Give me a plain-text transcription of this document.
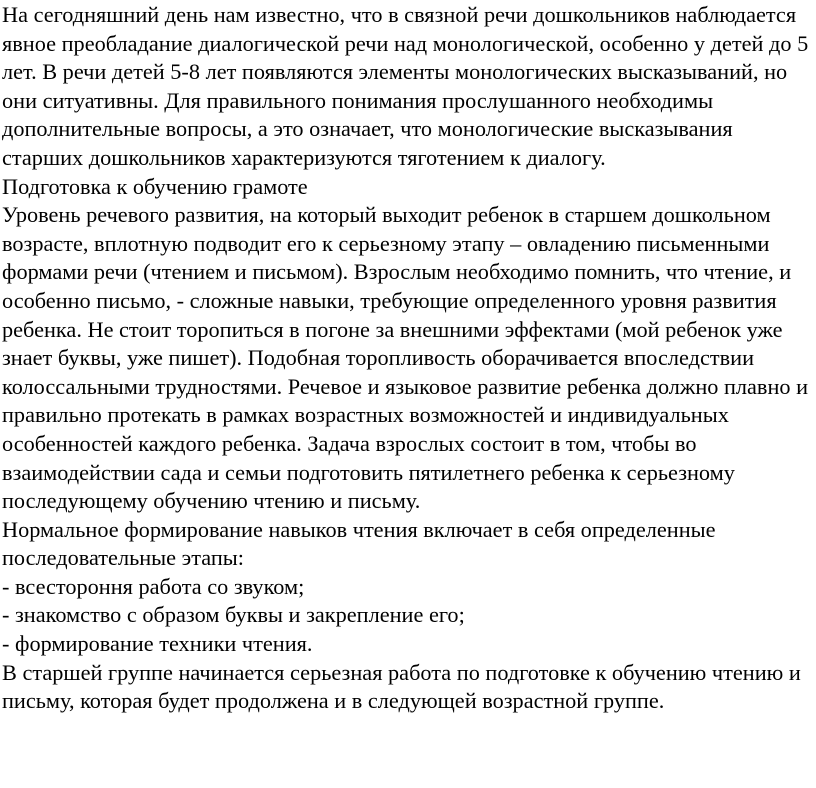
На сегодняшний день нам известно, что в связной речи дошкольников наблюдается явное преобладание диалогической речи над монологической, особенно у детей до 5 лет. В речи детей 5-8 лет появляются элементы монологических высказываний, но они ситуативны. Для правильного понимания прослушанного необходимы дополнительные вопросы, а это означает, что монологические высказывания старших дошкольников характеризуются тяготением к диалогу.

Подготовка к обучению грамоте

Уровень речевого развития, на который выходит ребенок в старшем дошкольном возрасте, вплотную подводит его к серьезному этапу – овладению письменными формами речи (чтением и письмом). Взрослым необходимо помнить, что чтение, и особенно письмо, - сложные навыки, требующие определенного уровня развития ребенка. Не стоит торопиться в погоне за внешними эффектами (мой ребенок уже знает буквы, уже пишет). Подобная торопливость оборачивается впоследствии колоссальными трудностями. Речевое и языковое развитие ребенка должно плавно и правильно протекать в рамках возрастных возможностей и индивидуальных особенностей каждого ребенка. Задача взрослых состоит в том, чтобы во взаимодействии сада и семьи подготовить пятилетнего ребенка к серьезному последующему обучению чтению и письму.

Нормальное формирование навыков чтения включает в себя определенные последовательные этапы:

- всестороння работа со звуком;

- знакомство с образом буквы и закрепление его;

- формирование техники чтения.

В старшей группе начинается серьезная работа по подготовке к обучению чтению и письму, которая будет продолжена и в следующей возрастной группе.
